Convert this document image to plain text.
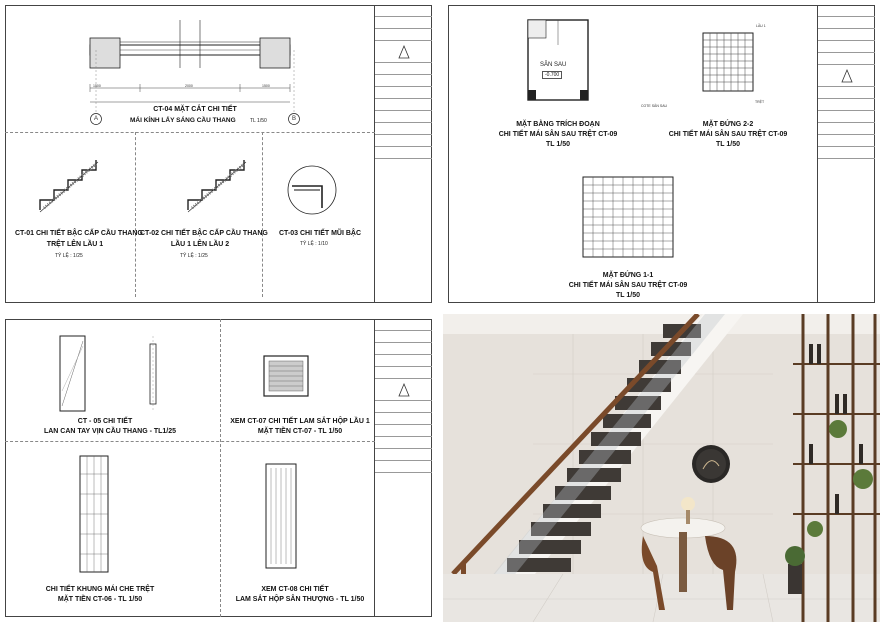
1500	2000	1500
A	B
CT-04 MẶT CẮT CHI TIẾT
MÁI KÍNH LẤY SÁNG CẦU THANG	TL 1/50
CT-01 CHI TIẾT BẬC CẤP CẦU THANG
TRỆT LÊN LẦU 1
TỶ LỆ : 1/25
CT-02 CHI TIẾT BẬC CẤP CẦU THANG
LẦU 1 LÊN LẦU 2
TỶ LỆ : 1/25
CT-03 CHI TIẾT MŨI BẬC
TỶ LỆ : 1/10
SÂN SAU
-0.700
MẶT BẰNG TRÍCH ĐOẠN
CHI TIẾT MÁI SÂN SAU TRỆT CT-09
TL 1/50
LẦU 1
TRỆT
COTE SÂN SAU
MẶT ĐỨNG 2-2
CHI TIẾT MÁI SÂN SAU TRỆT CT-09
TL 1/50
MẶT ĐỨNG 1-1
CHI TIẾT MÁI SÂN SAU TRỆT CT-09
TL 1/50
CT - 05 CHI TIẾT
LAN CAN TAY VỊN CẦU THANG - TL1/25
XEM CT-07 CHI TIẾT LAM SẮT HỘP LẦU 1
MẶT TIỀN CT-07 - TL 1/50
CHI TIẾT KHUNG MÁI CHE TRỆT
MẶT TIỀN CT-06 - TL 1/50
XEM CT-08 CHI TIẾT
LAM SẮT HỘP SÂN THƯỢNG - TL 1/50
